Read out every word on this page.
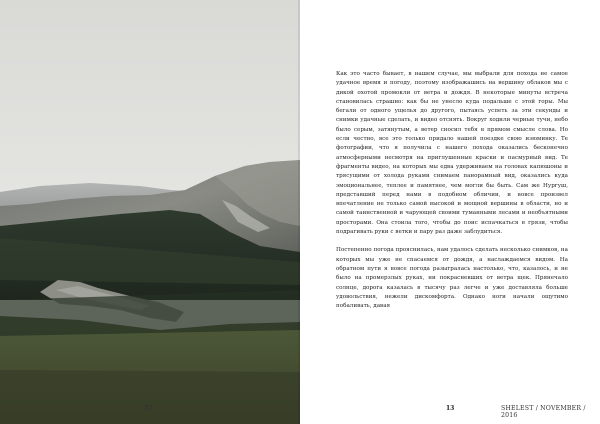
12

Как это часто бывает, в нашем случае, мы выбрали для похода не самое удачное время и погоду, поэтому изображашись на вершину облаков мы с дикой охотой промокли от ветра и дождя. В некоторые минуты встреча становилась страшно: как бы не унесло куда подальше с этой горы. Мы бегали от одного ущелья до другого, пытаясь успеть за эти секунды и снимки удачные сделать, и видео отснять. Вокруг ходили черные тучи, небо было серым, затянутым, а ветер сносил тебя в прямом смысле слова. Но если честно, все это только придало нашей поездке свою изюминку. Те фотографии, что я получила с нашего похода оказались бесконечно атмосферными несмотря на приглушенные краски и пасмурный вид. Те фрагменты видео, на которых мы едва удерживаем на головах капюшоны и трясущими от холода руками снимаем панорамный вид, оказались куда эмоциональнее, теплее и памятнее, чем могли бы быть. Сам же Нургуш, представший перед нами в подобном обличии, и вовсе произвел впечатление не только самой высокой и мощной вершины в области, но и самой таинственной и чарующей своими туманными лесами и необъятными просторами. Она стоила того, чтобы до поис испачкаться в грязи, чтобы подрагивать руки с ветки и пару раз даже заблудиться.

Постепенно погода прояснилась, нам удалось сделать несколько снимков, на которых мы уже не спасаемся от дождя, а наслаждаемся видом. На обратном пути я вовсе погода разыгралась настолько, что, казалось, и не было на промерзлых руках, ни покрасневших от ветра щек. Прянечало солнце, дорога казалась в тысячу раз легче и уже доставляла больше удовольствия, нежели дискомфорта. Однако ноги начали ощутимо побаливать, давая

13	SHELEST / NOVEMBER / 2016
